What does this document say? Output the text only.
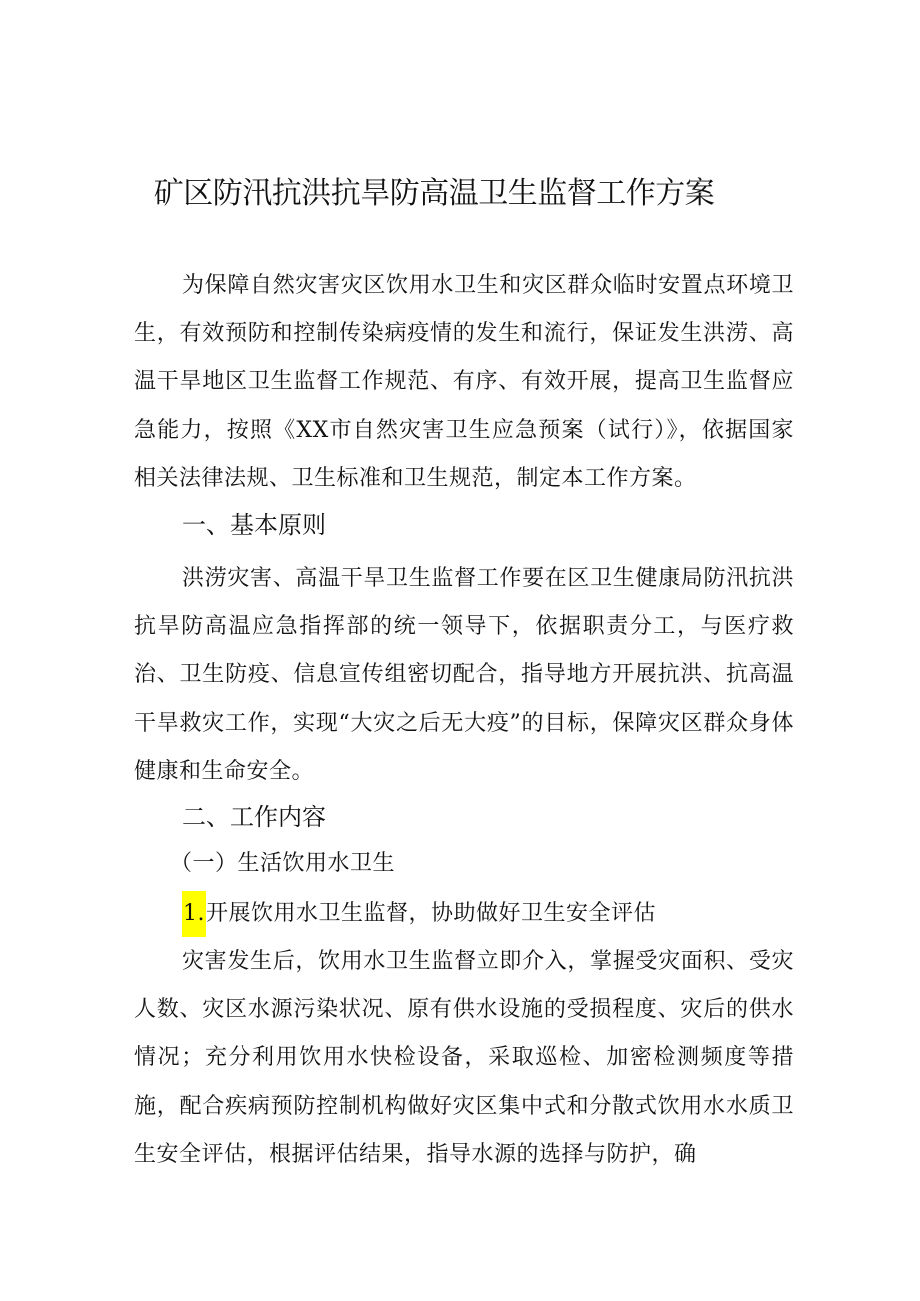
矿区防汛抗洪抗旱防高温卫生监督工作方案

为保障自然灾害灾区饮用水卫生和灾区群众临时安置点环境卫生，有效预防和控制传染病疫情的发生和流行，保证发生洪涝、高温干旱地区卫生监督工作规范、有序、有效开展，提高卫生监督应急能力，按照《XX市自然灾害卫生应急预案（试行）》，依据国家相关法律法规、卫生标准和卫生规范，制定本工作方案。

一、基本原则

洪涝灾害、高温干旱卫生监督工作要在区卫生健康局防汛抗洪抗旱防高温应急指挥部的统一领导下，依据职责分工，与医疗救治、卫生防疫、信息宣传组密切配合，指导地方开展抗洪、抗高温干旱救灾工作，实现“大灾之后无大疫”的目标，保障灾区群众身体健康和生命安全。

二、工作内容
（一）生活饮用水卫生
1.开展饮用水卫生监督，协助做好卫生安全评估

灾害发生后，饮用水卫生监督立即介入，掌握受灾面积、受灾人数、灾区水源污染状况、原有供水设施的受损程度、灾后的供水情况；充分利用饮用水快检设备，采取巡检、加密检测频度等措施，配合疾病预防控制机构做好灾区集中式和分散式饮用水水质卫生安全评估，根据评估结果，指导水源的选择与防护，确
